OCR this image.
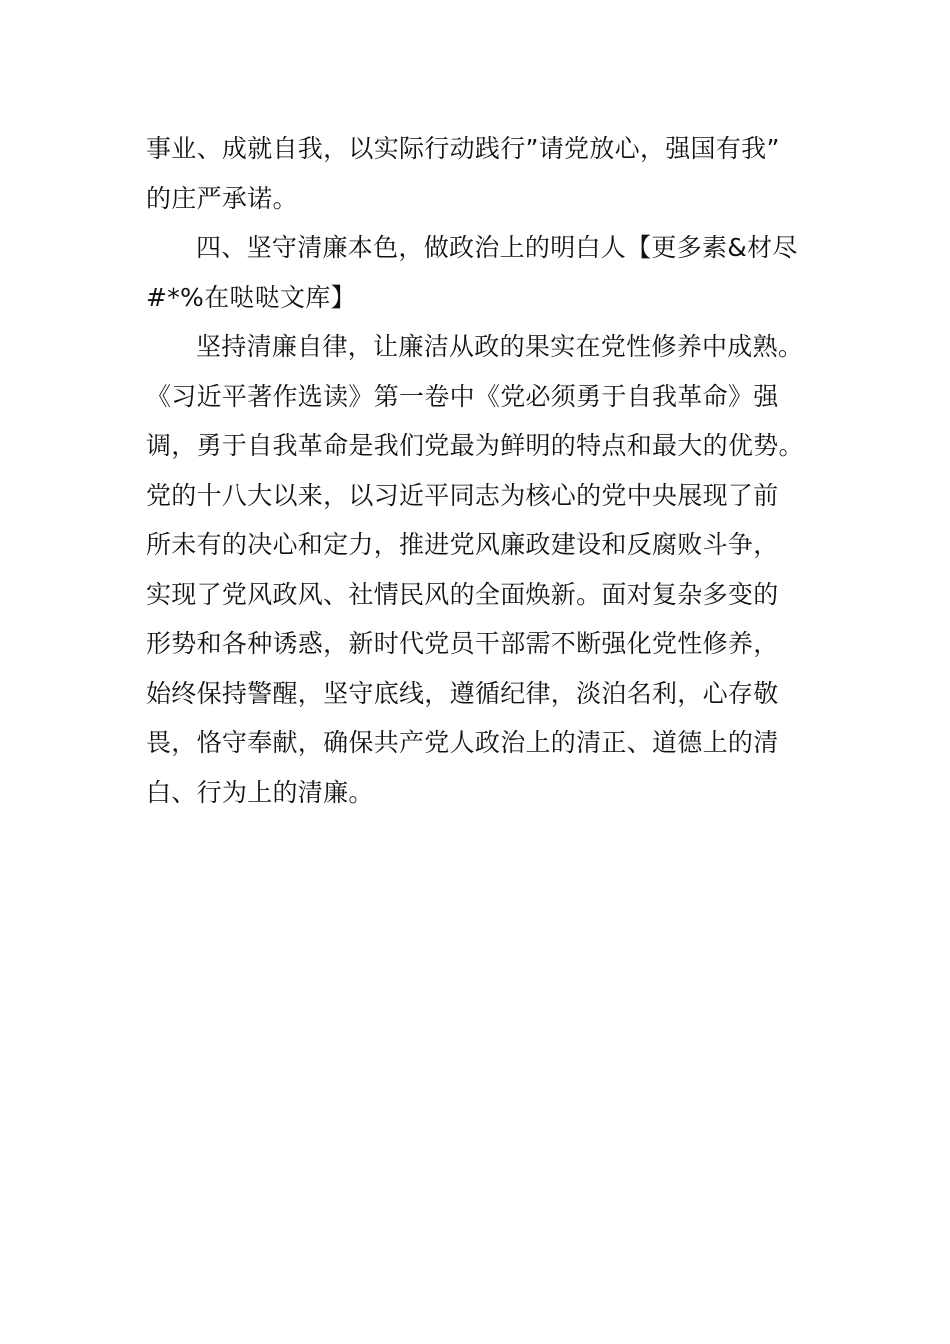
事业、成就自我，以实际行动践行”请党放心，强国有我”
的庄严承诺。
四、坚守清廉本色，做政治上的明白人【更多素&材尽
#*%在哒哒文库】
坚持清廉自律，让廉洁从政的果实在党性修养中成熟。
《习近平著作选读》第一卷中《党必须勇于自我革命》强
调，勇于自我革命是我们党最为鲜明的特点和最大的优势。
党的十八大以来，以习近平同志为核心的党中央展现了前
所未有的决心和定力，推进党风廉政建设和反腐败斗争，
实现了党风政风、社情民风的全面焕新。面对复杂多变的
形势和各种诱惑，新时代党员干部需不断强化党性修养，
始终保持警醒，坚守底线，遵循纪律，淡泊名利，心存敬
畏，恪守奉献，确保共产党人政治上的清正、道德上的清
白、行为上的清廉。
